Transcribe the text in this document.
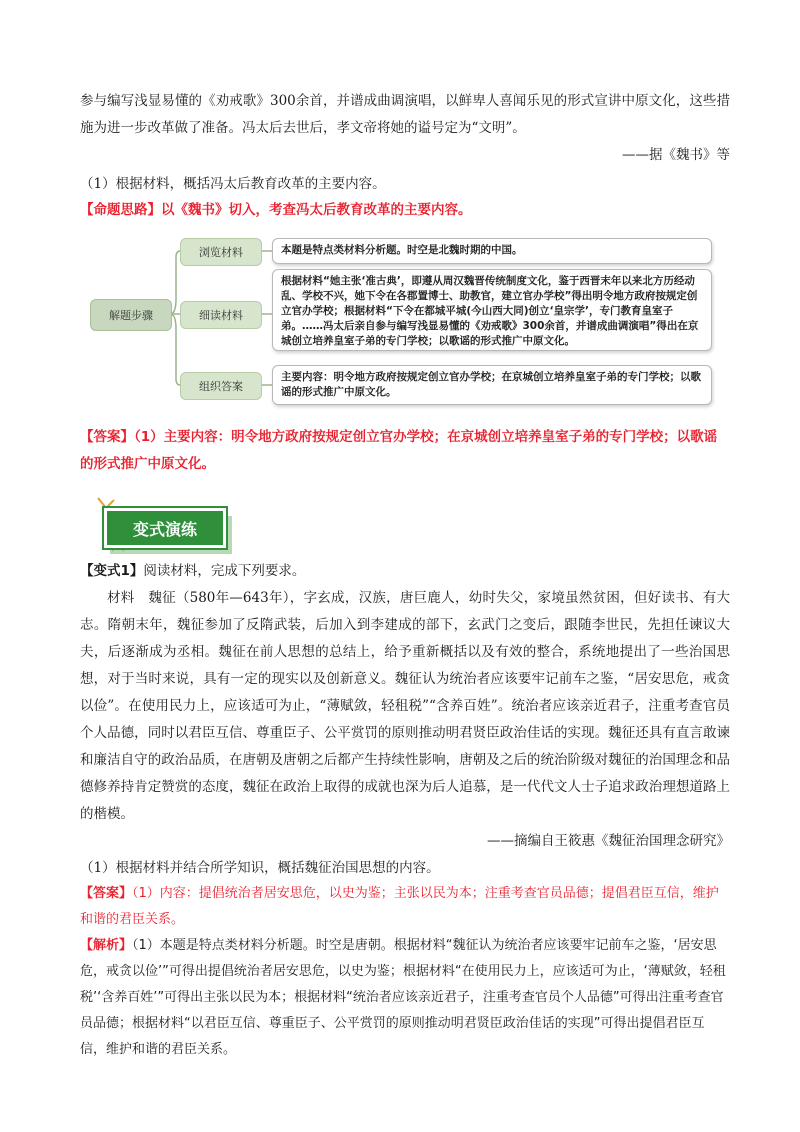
参与编写浅显易懂的《劝戒歌》300余首，并谱成曲调演唱，以鲜卑人喜闻乐见的形式宣讲中原文化，这些措施为进一步改革做了准备。冯太后去世后，孝文帝将她的谥号定为“文明”。

——据《魏书》等

（1）根据材料，概括冯太后教育改革的主要内容。

【命题思路】以《魏书》切入，考查冯太后教育改革的主要内容。

解题步骤
浏览材料	本题是特点类材料分析题。时空是北魏时期的中国。
细读材料
根据材料“她主张‘准古典’，即遵从周汉魏晋传统制度文化，鉴于西晋末年以来北方历经动乱、学校不兴，她下令在各郡置博士、助教官，建立官办学校”得出明令地方政府按规定创立官办学校；根据材料“下令在都城平城(今山西大同)创立‘皇宗学’，专门教育皇室子弟。……冯太后亲自参与编写浅显易懂的《劝戒歌》300余首，并谱成曲调演唱”得出在京城创立培养皇室子弟的专门学校；以歌谣的形式推广中原文化。
组织答案
主要内容：明令地方政府按规定创立官办学校；在京城创立培养皇室子弟的专门学校；以歌谣的形式推广中原文化。
【答案】（1）主要内容：明令地方政府按规定创立官办学校；在京城创立培养皇室子弟的专门学校；以歌谣的形式推广中原文化。
变式演练

【变式1】阅读材料，完成下列要求。

材料　 魏征（580年—643年），字玄成，汉族，唐巨鹿人，幼时失父，家境虽然贫困，但好读书、有大志。隋朝末年，魏征参加了反隋武装，后加入到李建成的部下，玄武门之变后，跟随李世民，先担任谏议大夫，后逐渐成为丞相。魏征在前人思想的总结上，给予重新概括以及有效的整合，系统地提出了一些治国思想，对于当时来说，具有一定的现实以及创新意义。魏征认为统治者应该要牢记前车之鉴，“居安思危，戒贪以俭”。在使用民力上，应该适可为止，“薄赋敛，轻租税”“含养百姓”。统治者应该亲近君子，注重考查官员个人品德，同时以君臣互信、尊重臣子、公平赏罚的原则推动明君贤臣政治佳话的实现。魏征还具有直言敢谏和廉洁自守的政治品质，在唐朝及唐朝之后都产生持续性影响，唐朝及之后的统治阶级对魏征的治国理念和品德修养持肯定赞赏的态度，魏征在政治上取得的成就也深为后人追慕，是一代代文人士子追求政治理想道路上的楷模。

——摘编自王筱惠《魏征治国理念研究》

（1）根据材料并结合所学知识，概括魏征治国思想的内容。

【答案】（1）内容：提倡统治者居安思危，以史为鉴；主张以民为本；注重考查官员品德；提倡君臣互信，维护和谐的君臣关系。

【解析】（1）本题是特点类材料分析题。时空是唐朝。根据材料“魏征认为统治者应该要牢记前车之鉴，‘居安思危，戒贪以俭’”可得出提倡统治者居安思危，以史为鉴；根据材料“在使用民力上，应该适可为止，‘薄赋敛，轻租税’‘含养百姓’”可得出主张以民为本；根据材料“统治者应该亲近君子，注重考查官员个人品德”可得出注重考查官员品德；根据材料“以君臣互信、尊重臣子、公平赏罚的原则推动明君贤臣政治佳话的实现”可得出提倡君臣互信，维护和谐的君臣关系。
